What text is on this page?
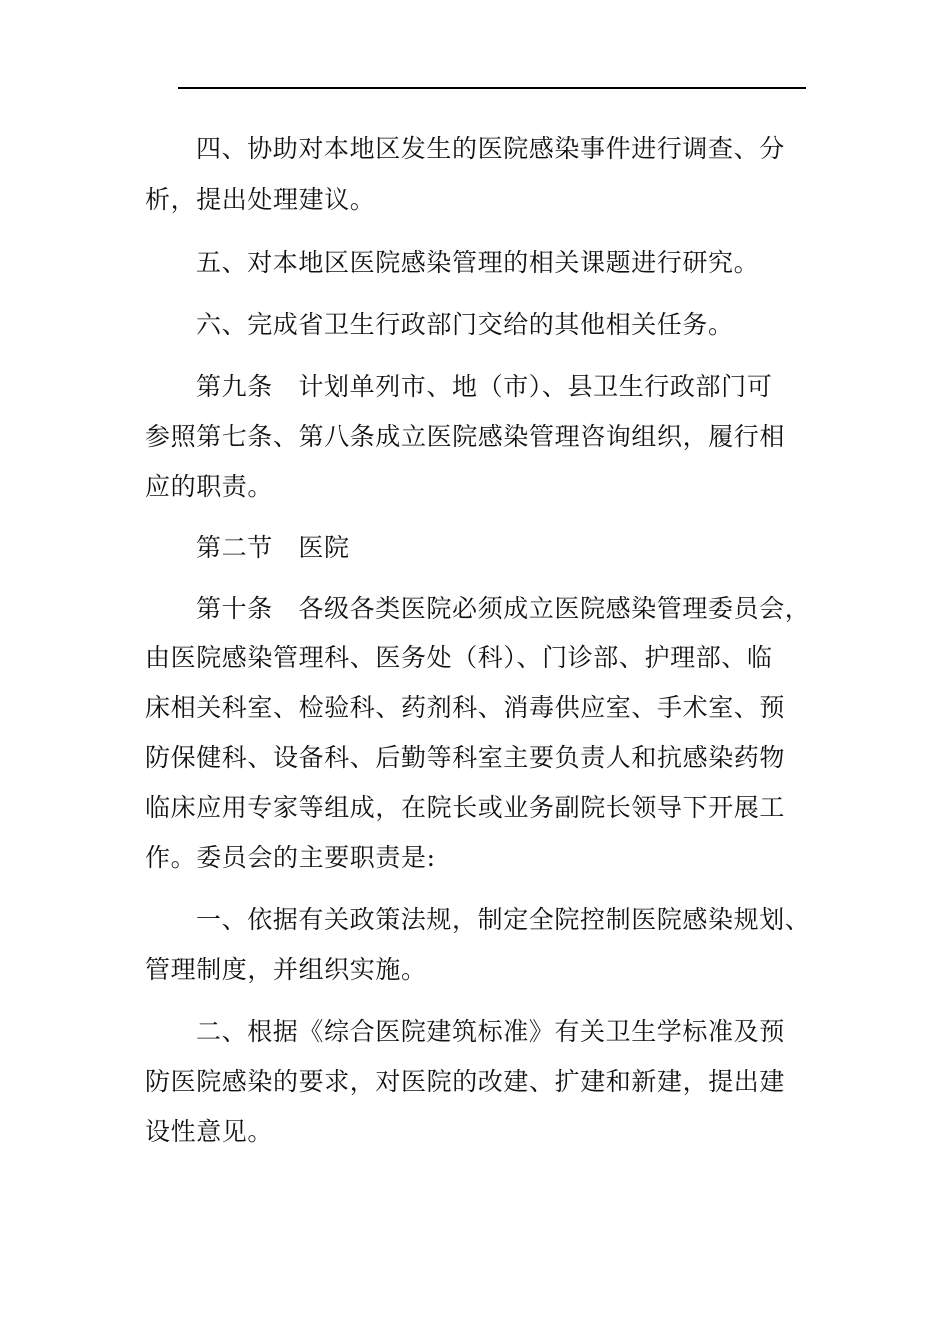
四、协助对本地区发生的医院感染事件进行调查、分
析，提出处理建议。
五、对本地区医院感染管理的相关课题进行研究。
六、完成省卫生行政部门交给的其他相关任务。
第九条　计划单列市、地（市）、县卫生行政部门可
参照第七条、第八条成立医院感染管理咨询组织，履行相
应的职责。
第二节　医院
第十条　各级各类医院必须成立医院感染管理委员会，
由医院感染管理科、医务处（科）、门诊部、护理部、临
床相关科室、检验科、药剂科、消毒供应室、手术室、预
防保健科、设备科、后勤等科室主要负责人和抗感染药物
临床应用专家等组成，在院长或业务副院长领导下开展工
作。委员会的主要职责是:
一、依据有关政策法规，制定全院控制医院感染规划、
管理制度，并组织实施。
二、根据《综合医院建筑标准》有关卫生学标准及预
防医院感染的要求，对医院的改建、扩建和新建，提出建
设性意见。
